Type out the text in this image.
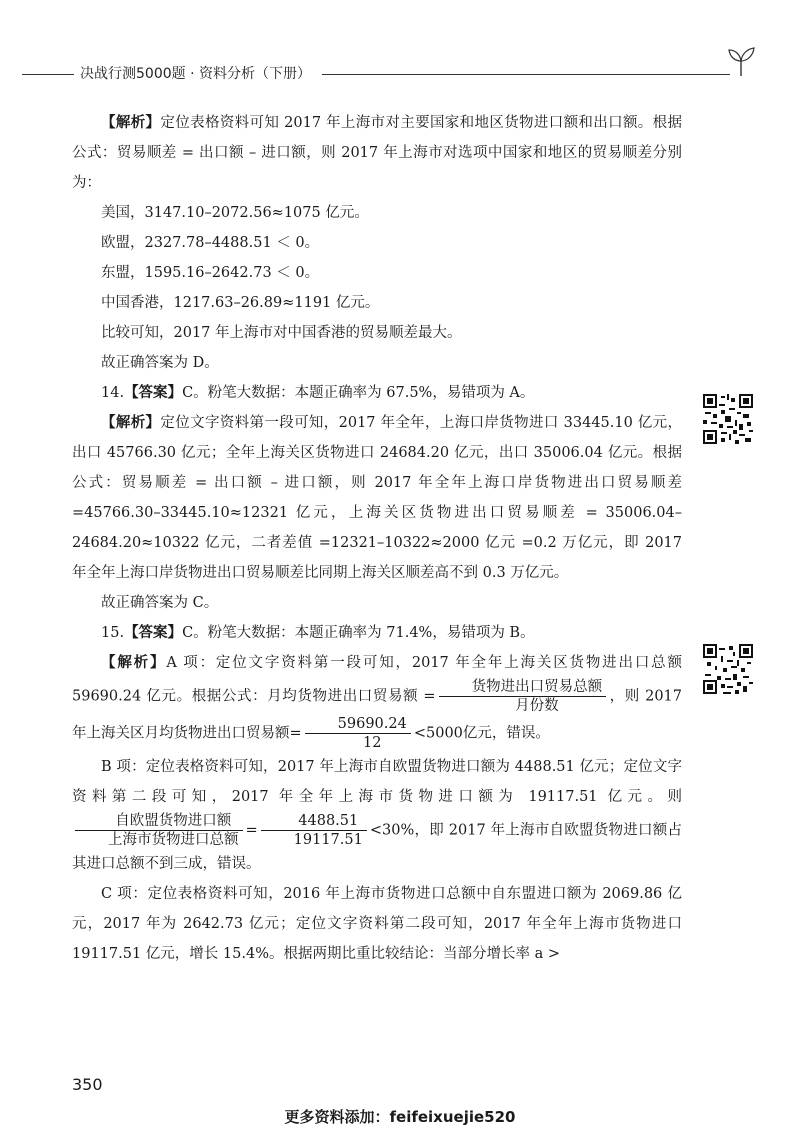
决战行测5000题 · 资料分析（下册）

【解析】定位表格资料可知 2017 年上海市对主要国家和地区货物进口额和出口额。根据公式：贸易顺差 = 出口额 – 进口额，则 2017 年上海市对选项中国家和地区的贸易顺差分别为：

美国，3147.10–2072.56≈1075 亿元。

欧盟，2327.78–4488.51 ＜ 0。

东盟，1595.16–2642.73 ＜ 0。

中国香港，1217.63–26.89≈1191 亿元。

比较可知，2017 年上海市对中国香港的贸易顺差最大。

故正确答案为 D。

14.【答案】C。粉笔大数据：本题正确率为 67.5%，易错项为 A。

【解析】定位文字资料第一段可知，2017 年全年，上海口岸货物进口 33445.10 亿元，出口 45766.30 亿元；全年上海关区货物进口 24684.20 亿元，出口 35006.04 亿元。根据公式：贸易顺差 = 出口额 – 进口额，则 2017 年全年上海口岸货物进出口贸易顺差 =45766.30–33445.10≈12321 亿元，上海关区货物进出口贸易顺差 = 35006.04–24684.20≈10322 亿元，二者差值 =12321–10322≈2000 亿元 =0.2 万亿元，即 2017 年全年上海口岸货物进出口贸易顺差比同期上海关区顺差高不到 0.3 万亿元。

故正确答案为 C。

15.【答案】C。粉笔大数据：本题正确率为 71.4%，易错项为 B。

【解析】A 项：定位文字资料第一段可知，2017 年全年上海关区货物进出口总额 59690.24 亿元。根据公式：月均货物进出口贸易额 = $\frac{\text{货物进出口贸易总额}}{\text{月份数}}$ ，则 2017 年上海关区月均货物进出口贸易额= $\frac{59690.24}{12} <5000$亿元，错误。

B 项：定位表格资料可知，2017 年上海市自欧盟货物进口额为 4488.51 亿元；定位文字资料第二段可知，2017 年全年上海市货物进口额为 19117.51 亿元。则
$\frac{\text{自欧盟货物进口额}}{\text{上海市货物进口总额}} = \frac{4488.51}{19117.51} <30\%$，即 2017 年上海市自欧盟货物进口额占其进口总额不到三成，错误。

C 项：定位表格资料可知，2016 年上海市货物进口总额中自东盟进口额为 2069.86 亿元，2017 年为 2642.73 亿元；定位文字资料第二段可知，2017 年全年上海市货物进口 19117.51 亿元，增长 15.4%。根据两期比重比较结论：当部分增长率 a >

350
更多资料添加：feifeixuejie520
